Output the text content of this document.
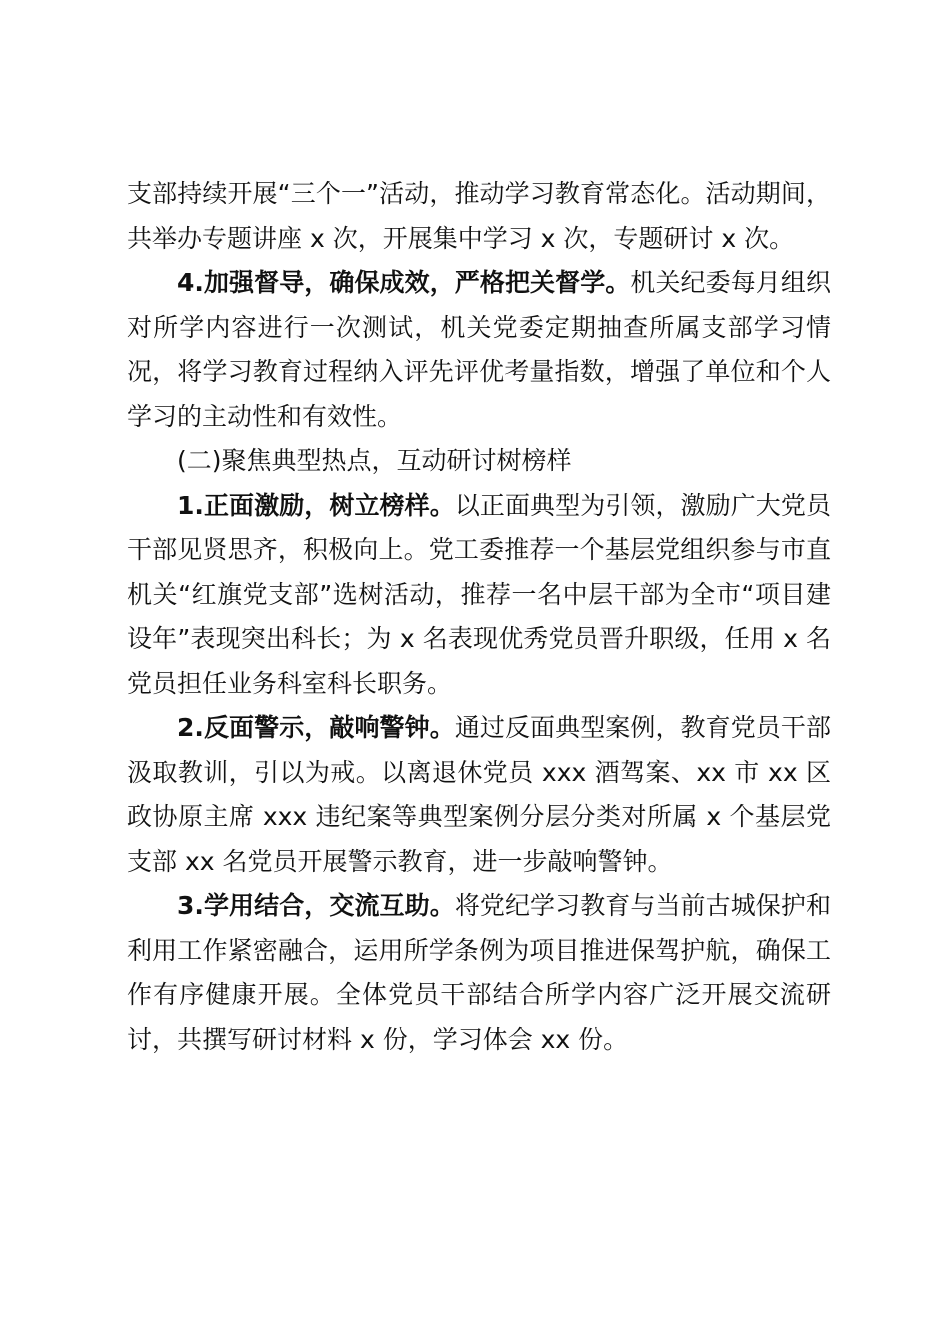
支部持续开展“三个一”活动，推动学习教育常态化。活动期间，共举办专题讲座 x 次，开展集中学习 x 次，专题研讨 x 次。

4.加强督导，确保成效，严格把关督学。机关纪委每月组织对所学内容进行一次测试，机关党委定期抽查所属支部学习情况，将学习教育过程纳入评先评优考量指数，增强了单位和个人学习的主动性和有效性。

(二)聚焦典型热点，互动研讨树榜样

1.正面激励，树立榜样。以正面典型为引领，激励广大党员干部见贤思齐，积极向上。党工委推荐一个基层党组织参与市直机关“红旗党支部”选树活动，推荐一名中层干部为全市“项目建设年”表现突出科长；为 x 名表现优秀党员晋升职级，任用 x 名党员担任业务科室科长职务。

2.反面警示，敲响警钟。通过反面典型案例，教育党员干部汲取教训，引以为戒。以离退休党员 xxx 酒驾案、xx 市 xx 区政协原主席 xxx 违纪案等典型案例分层分类对所属 x 个基层党支部 xx 名党员开展警示教育，进一步敲响警钟。

3.学用结合，交流互助。将党纪学习教育与当前古城保护和利用工作紧密融合，运用所学条例为项目推进保驾护航，确保工作有序健康开展。全体党员干部结合所学内容广泛开展交流研讨，共撰写研讨材料 x 份，学习体会 xx 份。
